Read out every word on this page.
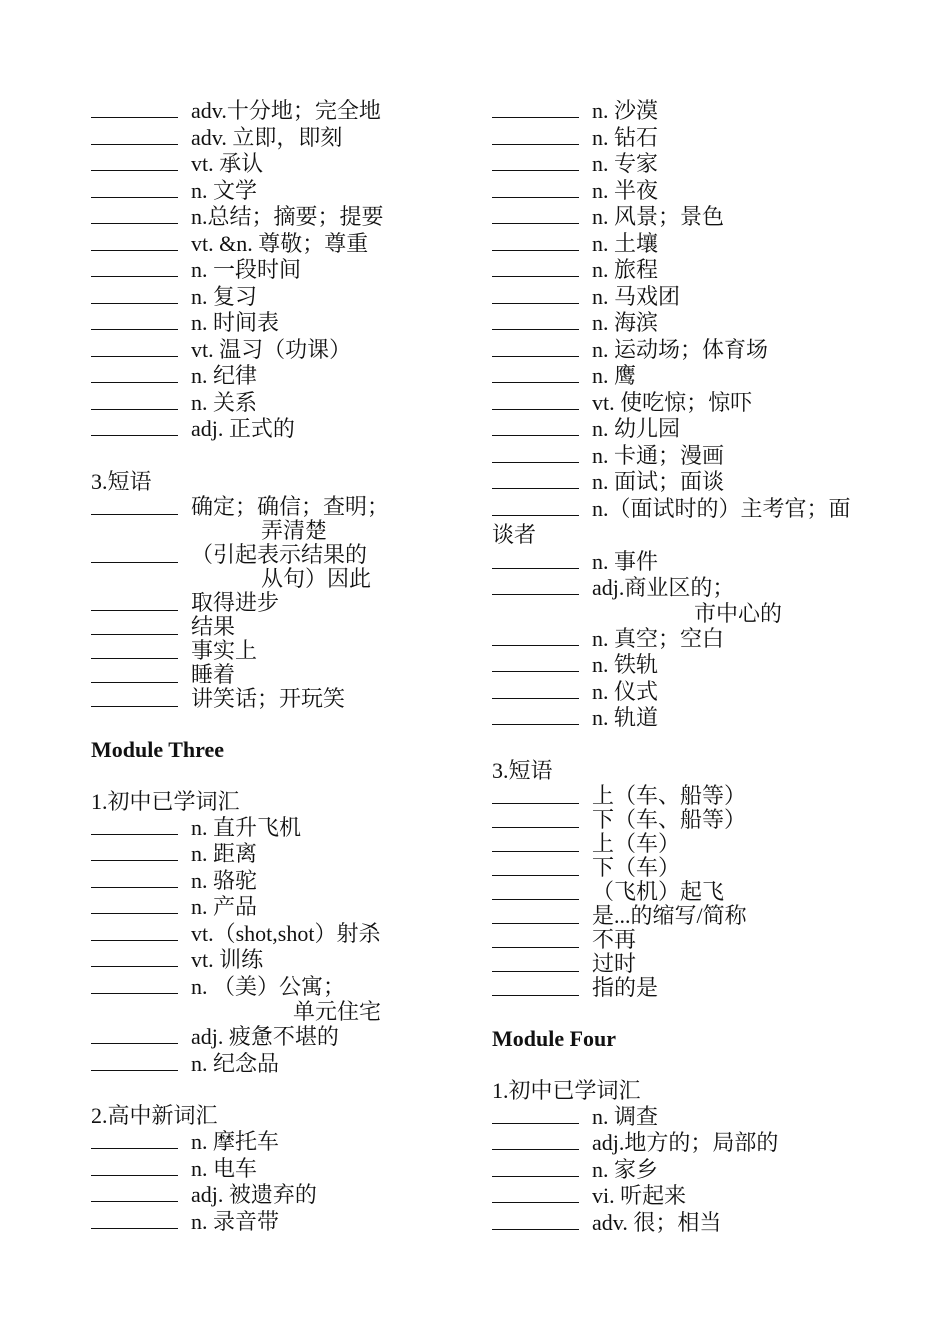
adv.十分地；完全地
adv. 立即，即刻
vt. 承认
n. 文学
n.总结；摘要；提要
vt. &n. 尊敬；尊重
n. 一段时间
n. 复习
n. 时间表
vt. 温习（功课）
n. 纪律
n. 关系
adj. 正式的
3.短语
确定；确信；查明；
弄清楚
（引起表示结果的
从句）因此
取得进步
结果
事实上
睡着
讲笑话；开玩笑
Module Three
1.初中已学词汇
n. 直升飞机
n. 距离
n. 骆驼
n. 产品
vt.（shot,shot）射杀
vt. 训练
n. （美）公寓；
单元住宅
adj. 疲惫不堪的
n. 纪念品
2.高中新词汇
n. 摩托车
n. 电车
adj. 被遗弃的
n. 录音带
n. 沙漠
n. 钻石
n. 专家
n. 半夜
n. 风景；景色
n. 土壤
n. 旅程
n. 马戏团
n. 海滨
n. 运动场；体育场
n. 鹰
vt. 使吃惊；惊吓
n. 幼儿园
n. 卡通；漫画
n. 面试；面谈
n.（面试时的）主考官；面
谈者
n. 事件
adj.商业区的；
市中心的
n. 真空；空白
n. 铁轨
n. 仪式
n. 轨道
3.短语
上（车、船等）
下（车、船等）
上（车）
下（车）
（飞机）起飞
是...的缩写/简称
不再
过时
指的是
Module Four
1.初中已学词汇
n. 调查
adj.地方的；局部的
n. 家乡
vi. 听起来
adv. 很；相当
